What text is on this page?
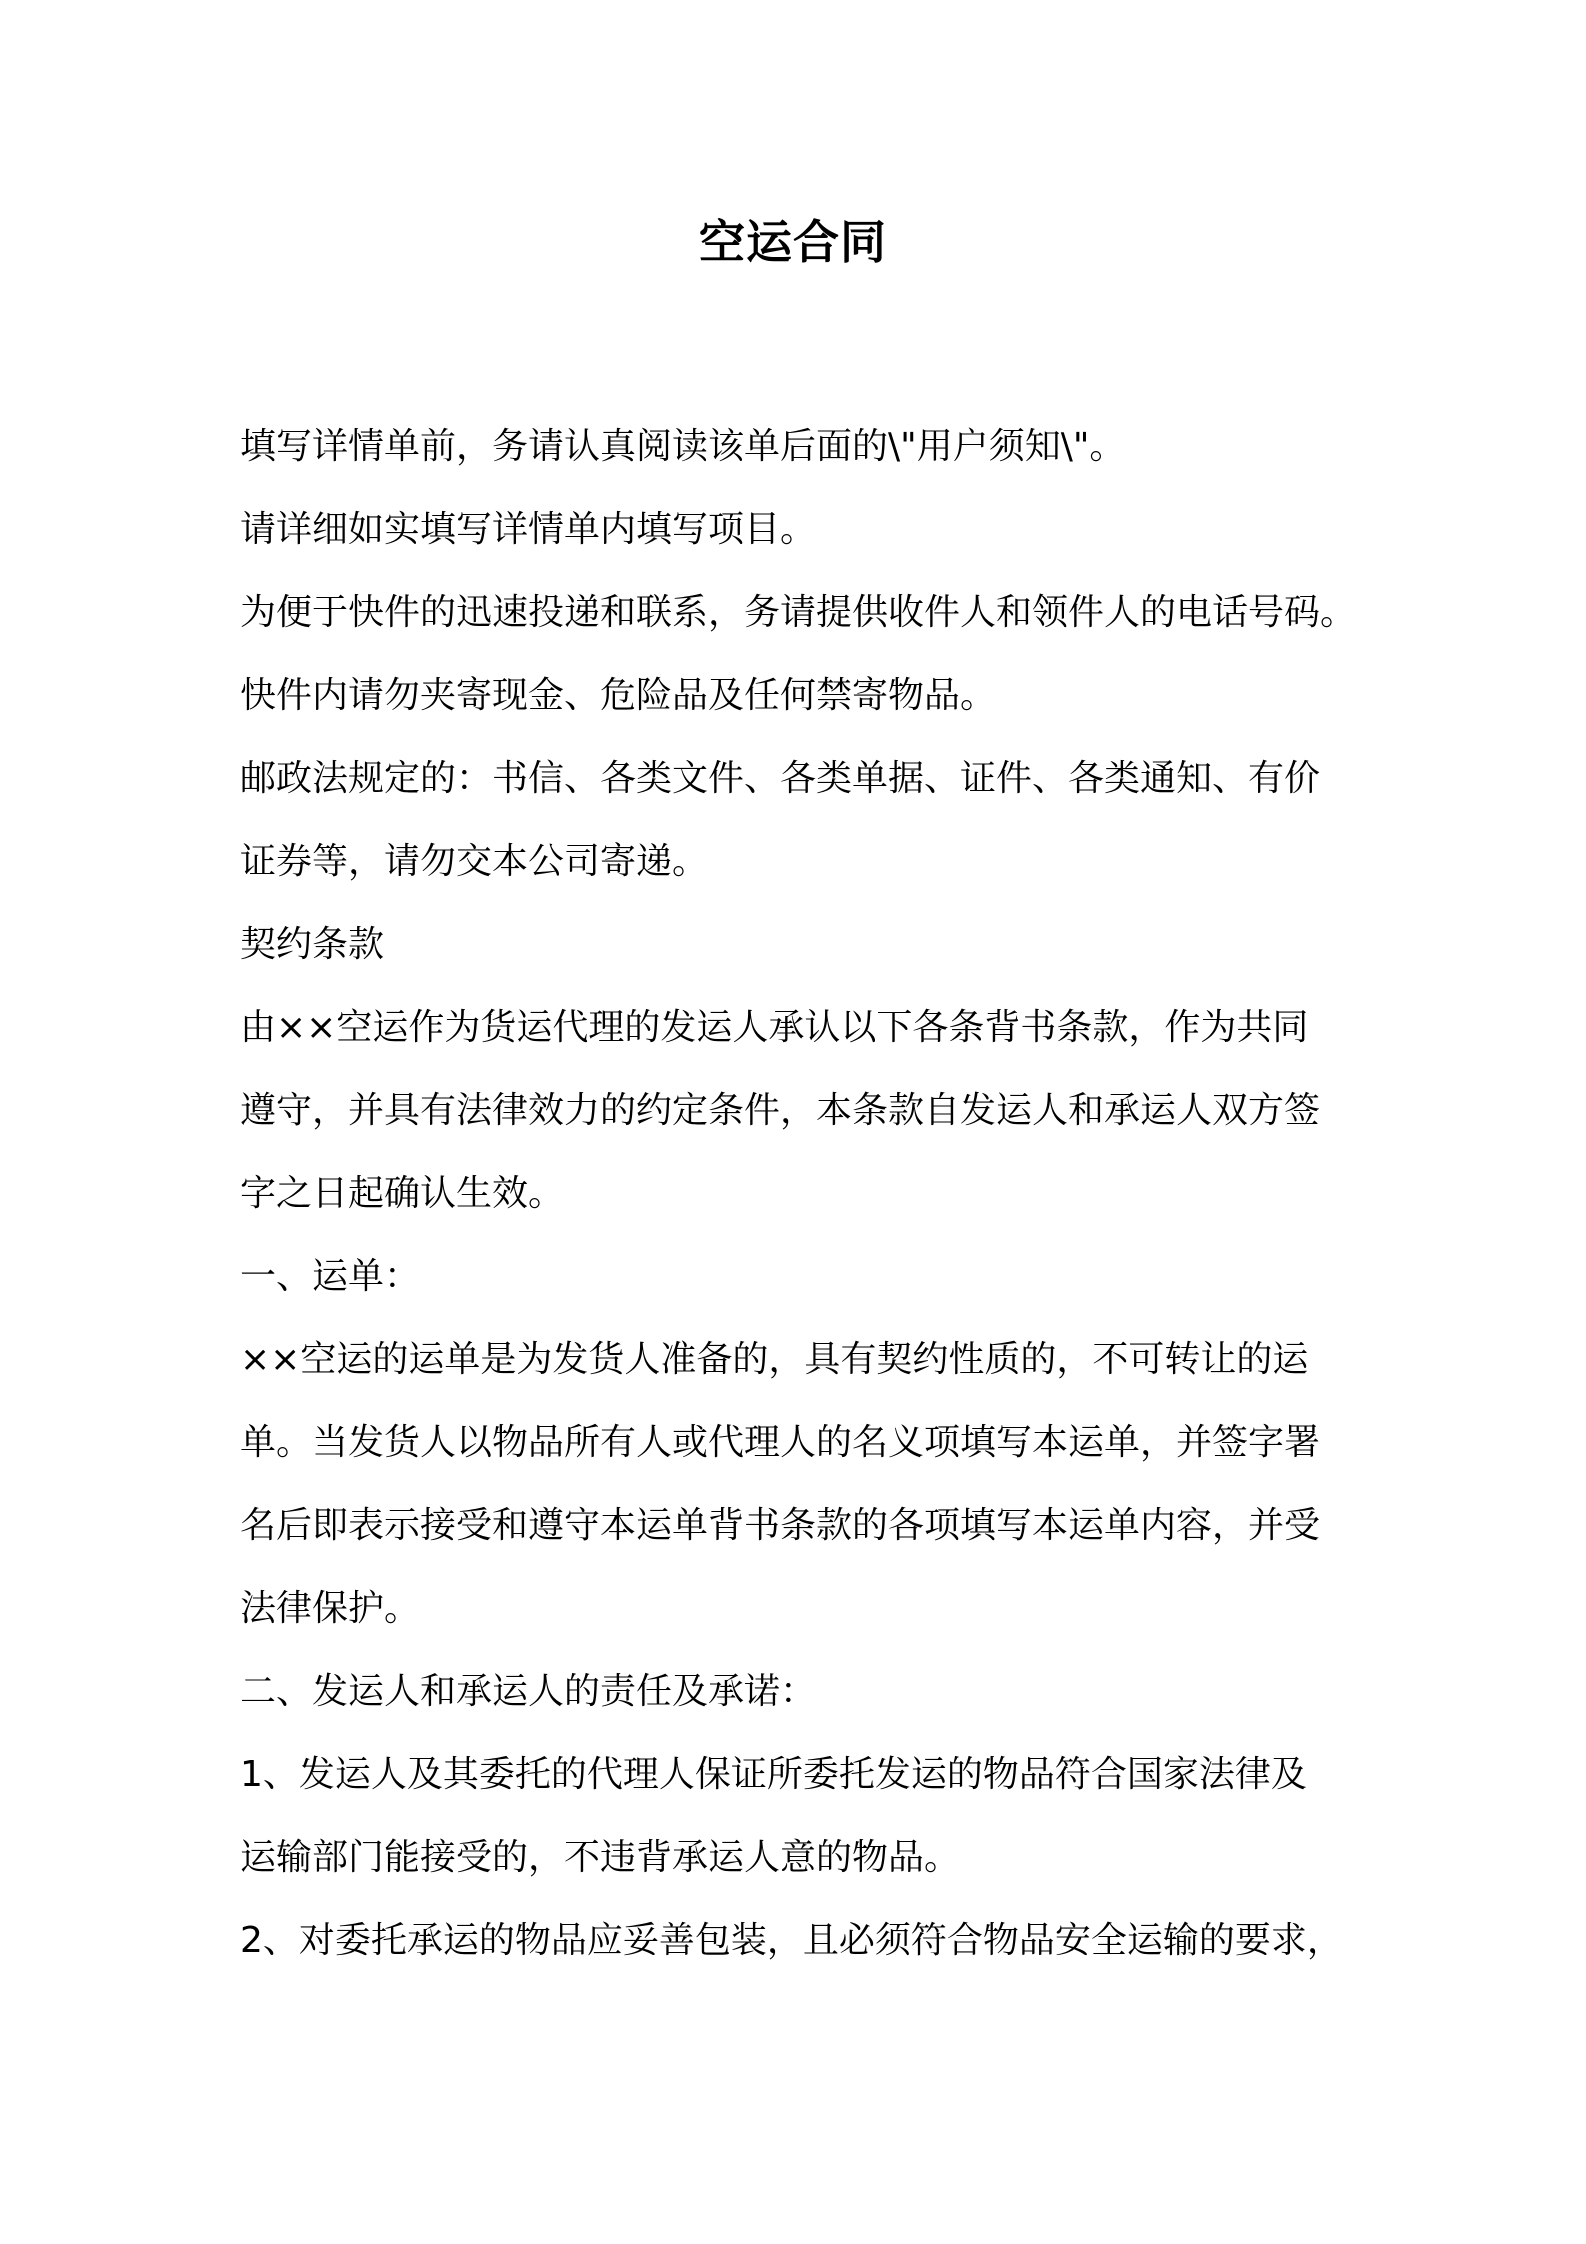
空运合同
填写详情单前，务请认真阅读该单后面的\"用户须知\"。
请详细如实填写详情单内填写项目。
为便于快件的迅速投递和联系，务请提供收件人和领件人的电话号码。
快件内请勿夹寄现金、危险品及任何禁寄物品。
邮政法规定的：书信、各类文件、各类单据、证件、各类通知、有价
证券等，请勿交本公司寄递。
契约条款
由××空运作为货运代理的发运人承认以下各条背书条款，作为共同
遵守，并具有法律效力的约定条件，本条款自发运人和承运人双方签
字之日起确认生效。
一、运单：
××空运的运单是为发货人准备的，具有契约性质的，不可转让的运
单。当发货人以物品所有人或代理人的名义项填写本运单，并签字署
名后即表示接受和遵守本运单背书条款的各项填写本运单内容，并受
法律保护。
二、发运人和承运人的责任及承诺：
1、发运人及其委托的代理人保证所委托发运的物品符合国家法律及
运输部门能接受的，不违背承运人意的物品。
2、对委托承运的物品应妥善包装，且必须符合物品安全运输的要求，
